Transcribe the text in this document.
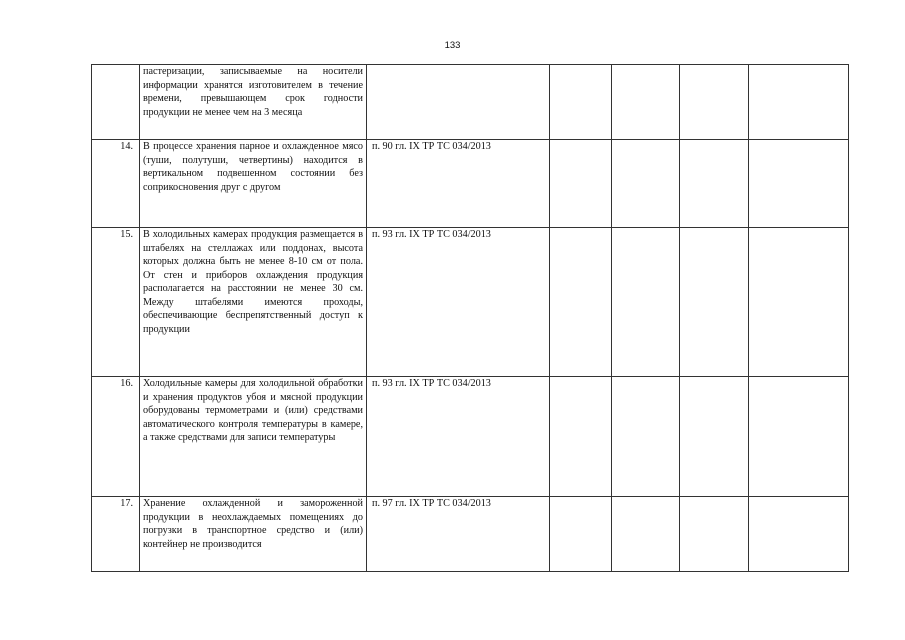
133
	пастеризации, записываемые на носители информации хранятся изготовителем в течение времени, превышающем срок годности продукции не менее чем на 3 месяца					
14.	В процессе хранения парное и охлажденное мясо (туши, полутуши, четвертины) находится в вертикальном подвешенном состоянии без соприкосновения друг с другом	п. 90 гл. IX ТР ТС 034/2013				
15.	В холодильных камерах продукция размещается в штабелях на стеллажах или поддонах, высота которых должна быть не менее 8-10 см от пола. От стен и приборов охлаждения продукция располагается на расстоянии не менее 30 см. Между штабелями имеются проходы, обеспечивающие беспрепятственный доступ к продукции	п. 93 гл. IX ТР ТС 034/2013				
16.	Холодильные камеры для холодильной обработки и хранения продуктов убоя и мясной продукции оборудованы термометрами и (или) средствами автоматического контроля температуры в камере, а также средствами для записи температуры	п. 93 гл. IX ТР ТС 034/2013				
17.	Хранение охлажденной и замороженной продукции в неохлаждаемых помещениях до погрузки в транспортное средство и (или) контейнер не производится	п. 97 гл. IX ТР ТС 034/2013				
